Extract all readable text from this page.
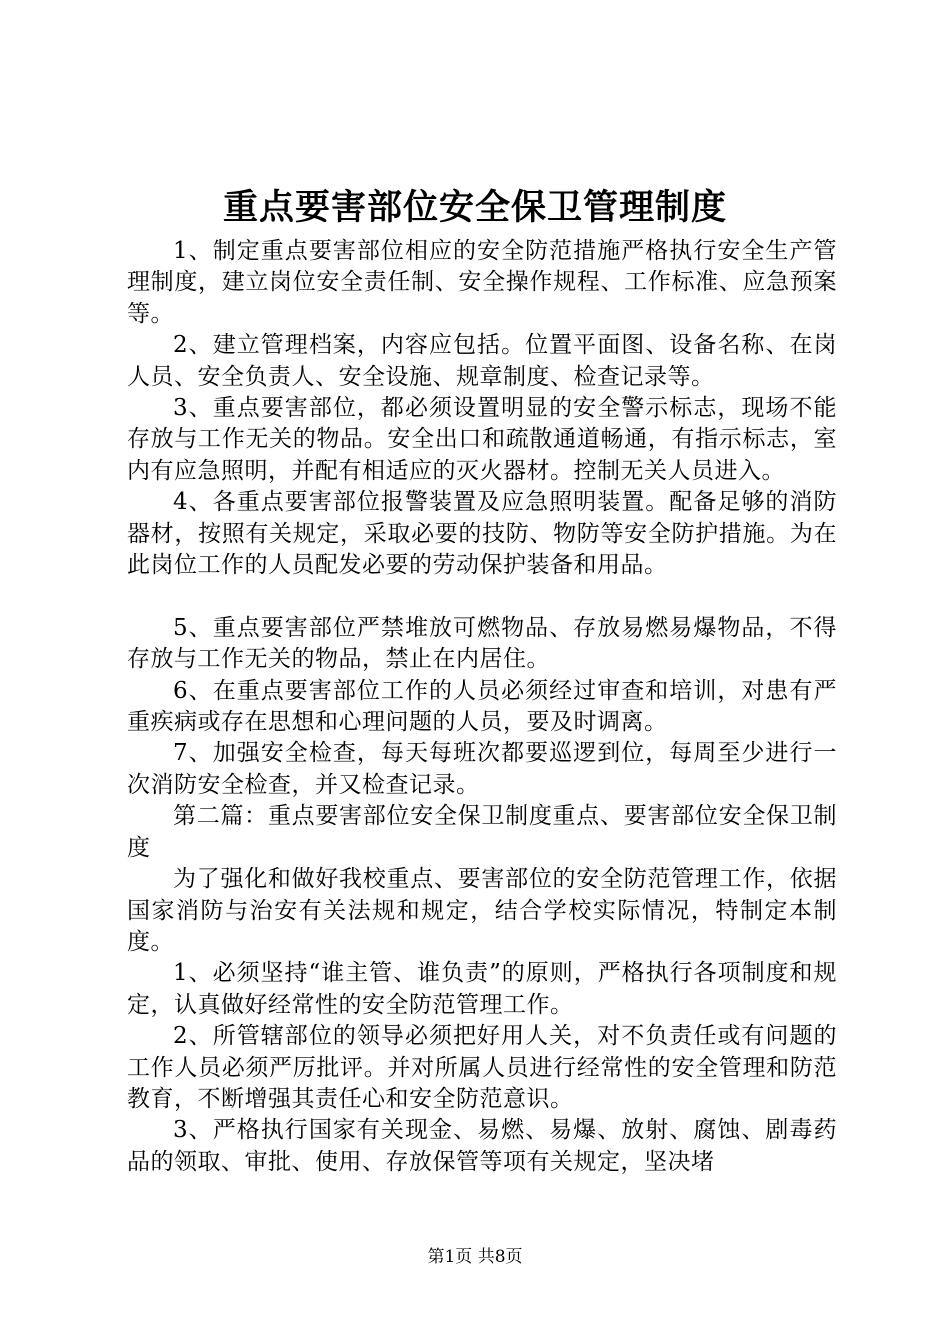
重点要害部位安全保卫管理制度

1、制定重点要害部位相应的安全防范措施严格执行安全生产管理制度，建立岗位安全责任制、安全操作规程、工作标准、应急预案等。

2、建立管理档案，内容应包括。位置平面图、设备名称、在岗人员、安全负责人、安全设施、规章制度、检查记录等。

3、重点要害部位，都必须设置明显的安全警示标志，现场不能存放与工作无关的物品。安全出口和疏散通道畅通，有指示标志，室内有应急照明，并配有相适应的灭火器材。控制无关人员进入。

4、各重点要害部位报警装置及应急照明装置。配备足够的消防器材，按照有关规定，采取必要的技防、物防等安全防护措施。为在此岗位工作的人员配发必要的劳动保护装备和用品。

5、重点要害部位严禁堆放可燃物品、存放易燃易爆物品，不得存放与工作无关的物品，禁止在内居住。

6、在重点要害部位工作的人员必须经过审查和培训，对患有严重疾病或存在思想和心理问题的人员，要及时调离。

7、加强安全检查，每天每班次都要巡逻到位，每周至少进行一次消防安全检查，并又检查记录。

第二篇：重点要害部位安全保卫制度重点、要害部位安全保卫制度

为了强化和做好我校重点、要害部位的安全防范管理工作，依据国家消防与治安有关法规和规定，结合学校实际情况，特制定本制度。

1、必须坚持“谁主管、谁负责”的原则，严格执行各项制度和规定，认真做好经常性的安全防范管理工作。

2、所管辖部位的领导必须把好用人关，对不负责任或有问题的工作人员必须严厉批评。并对所属人员进行经常性的安全管理和防范教育，不断增强其责任心和安全防范意识。

3、严格执行国家有关现金、易燃、易爆、放射、腐蚀、剧毒药品的领取、审批、使用、存放保管等项有关规定，坚决堵

第1页 共8页
